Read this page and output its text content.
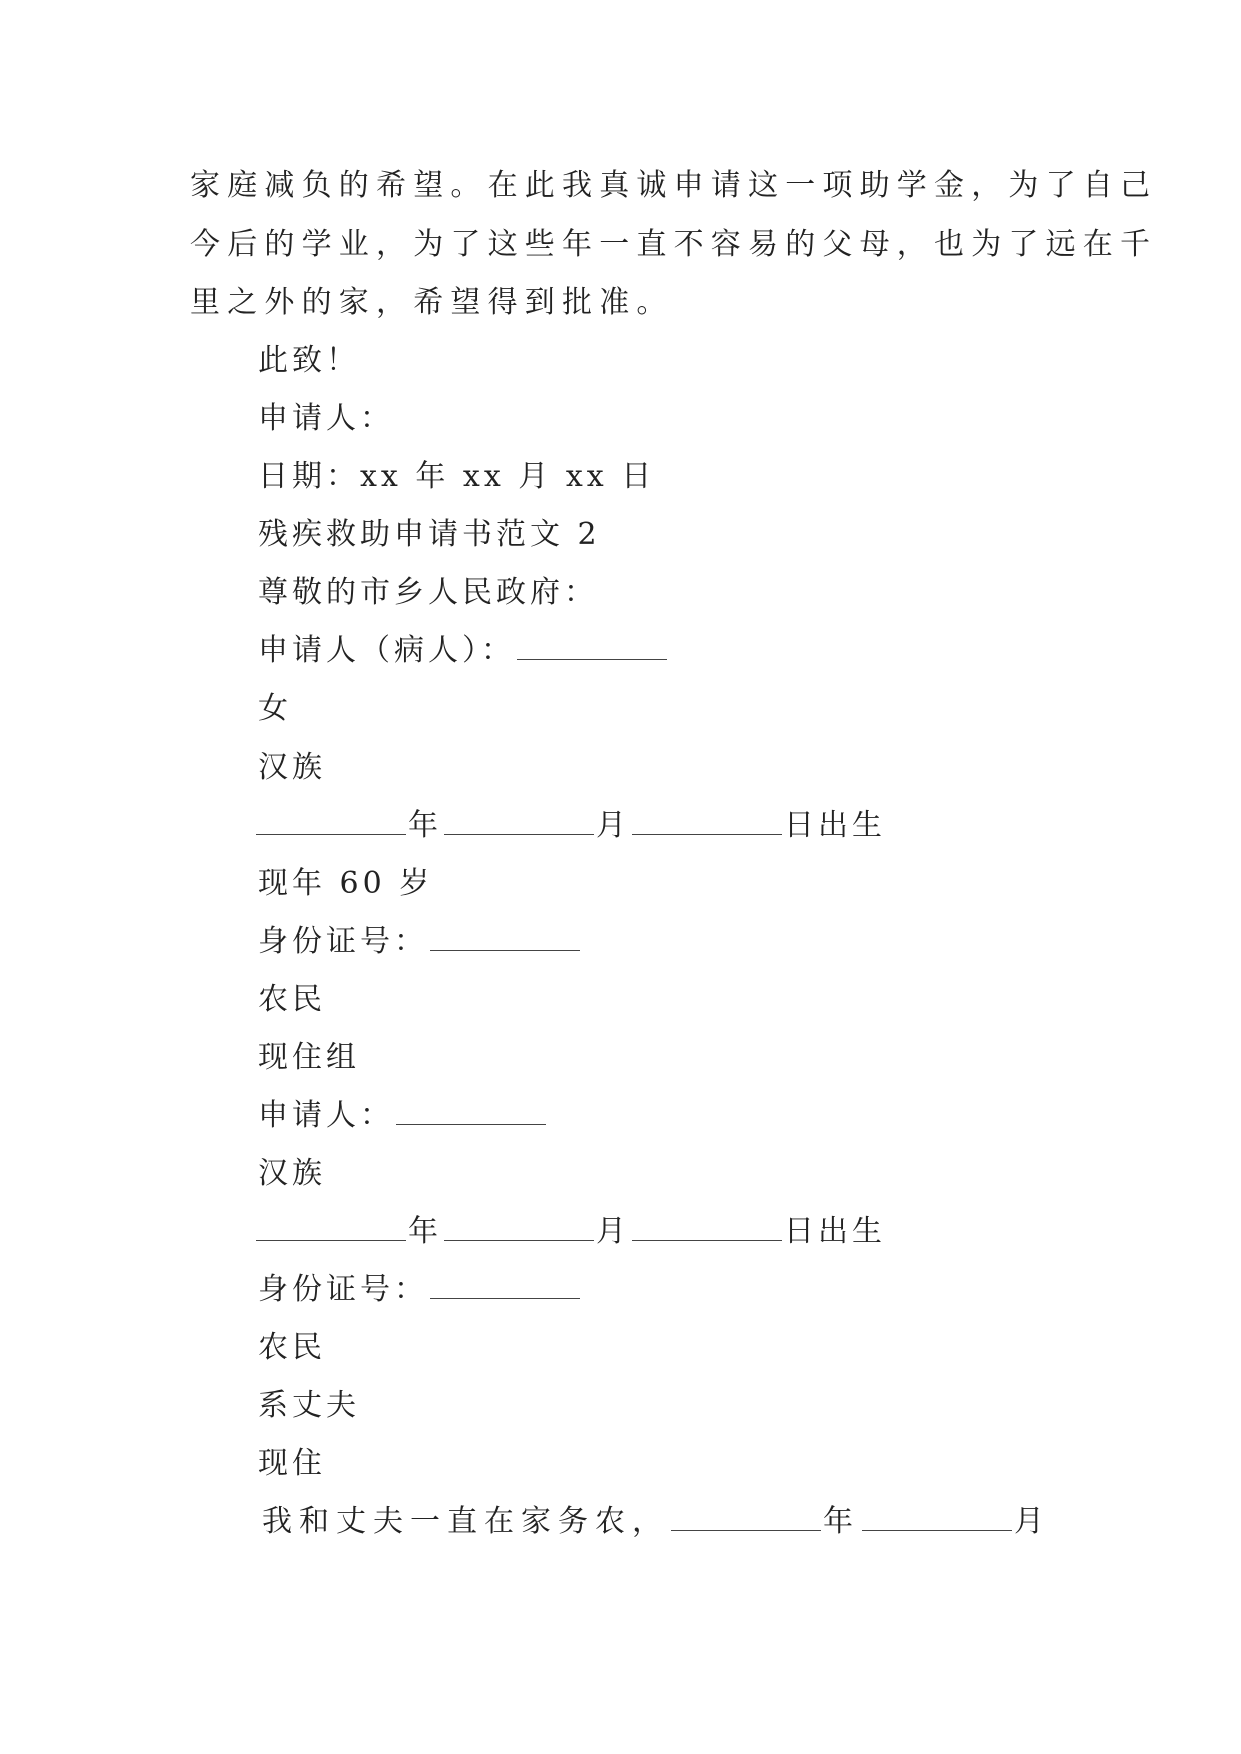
家庭减负的希望。在此我真诚申请这一项助学金，为了自己
今后的学业，为了这些年一直不容易的父母，也为了远在千
里之外的家，希望得到批准。
此致！
申请人：
日期：xx 年 xx 月 xx 日
残疾救助申请书范文 2
尊敬的市乡人民政府：
申请人（病人）：
女
汉族
年	月	日出生
现年 60 岁
身份证号：
农民
现住组
申请人：
汉族
年	月	日出生
身份证号：
农民
系丈夫
现住
我和丈夫一直在家务农，	年	月
